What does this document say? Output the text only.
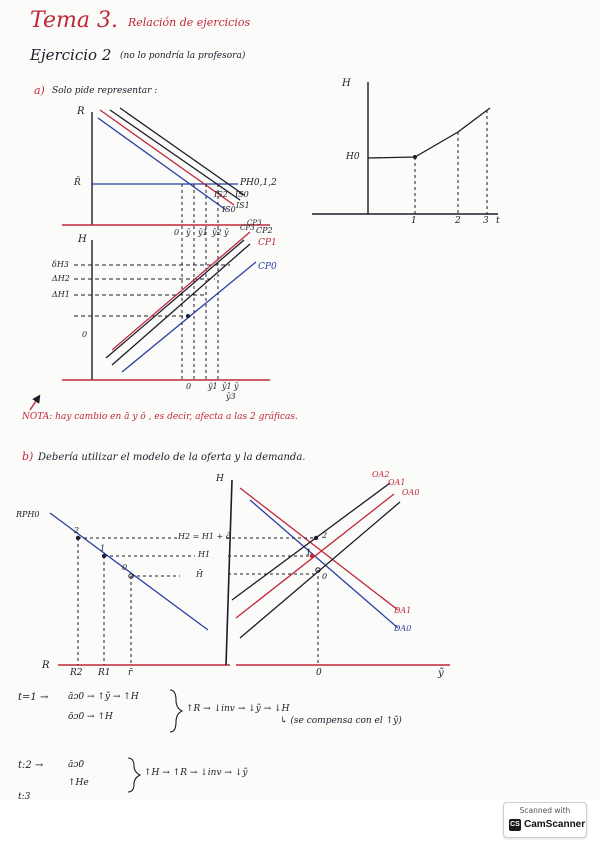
Tema 3. Relación de ejercicios
Ejercicio 2 (no lo pondría la profesora)
a) Solo pide representar :
R
R̄	PH0,1,2
IS2 IS0
IS1
IS0
0 ȳ ȳ1 ȳ2 ȳ CP3
H
δH3
ΔH2
ΔH1
0
CP2
CP1
CP0
CP3
0 ỹ1 ȳ1 ȳ
ȳ3
NOTA: hay cambio en ā y ō , es decir, afecta a las 2 gráficas.
H
H0
1	2 3 t
b) Debería utilizar el modelo de la oferta y la demanda.
RPH0
2
1
0
R
R2 R1 r̄
H
H2 = H1 + ō
H1
H̄
OA2
OA1
OA0
DA1
DA0
2
1
0
0	ỹ
t=1 → āɔ0 → ↑ỹ → ↑H
ōɔ0 → ↑H
↑R → ↓inv → ↓ỹ → ↓H
↳ (se compensa con el ↑ỹ)
t:2 →	āɔ0
↑He
↑H → ↑R → ↓inv → ↓ỹ
t:3
Scanned with
CS CamScanner
